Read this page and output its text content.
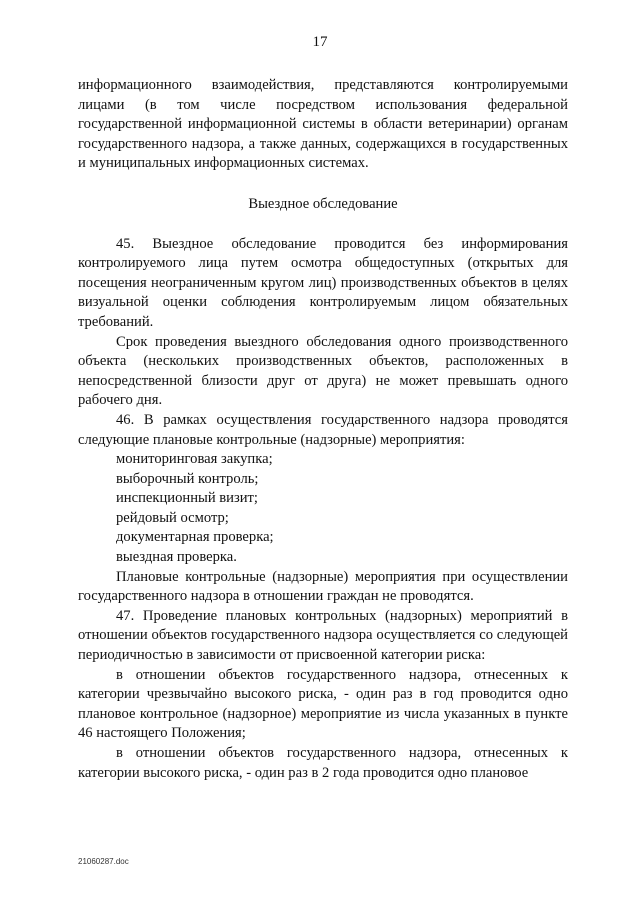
17

информационного взаимодействия, представляются контролируемыми лицами (в том числе посредством использования федеральной государственной информационной системы в области ветеринарии) органам государственного надзора, а также данных, содержащихся в государственных и муниципальных информационных системах.

Выездное обследование

45. Выездное обследование проводится без информирования контролируемого лица путем осмотра общедоступных (открытых для посещения неограниченным кругом лиц) производственных объектов в целях визуальной оценки соблюдения контролируемым лицом обязательных требований.

Срок проведения выездного обследования одного производственного объекта (нескольких производственных объектов, расположенных в непосредственной близости друг от друга) не может превышать одного рабочего дня.

46. В рамках осуществления государственного надзора проводятся следующие плановые контрольные (надзорные) мероприятия:

мониторинговая закупка;

выборочный контроль;

инспекционный визит;

рейдовый осмотр;

документарная проверка;

выездная проверка.

Плановые контрольные (надзорные) мероприятия при осуществлении государственного надзора в отношении граждан не проводятся.

47. Проведение плановых контрольных (надзорных) мероприятий в отношении объектов государственного надзора осуществляется со следующей периодичностью в зависимости от присвоенной категории риска:

в отношении объектов государственного надзора, отнесенных к категории чрезвычайно высокого риска, - один раз в год проводится одно плановое контрольное (надзорное) мероприятие из числа указанных в пункте 46 настоящего Положения;

в отношении объектов государственного надзора, отнесенных к категории высокого риска, - один раз в 2 года проводится одно плановое

21060287.doc
